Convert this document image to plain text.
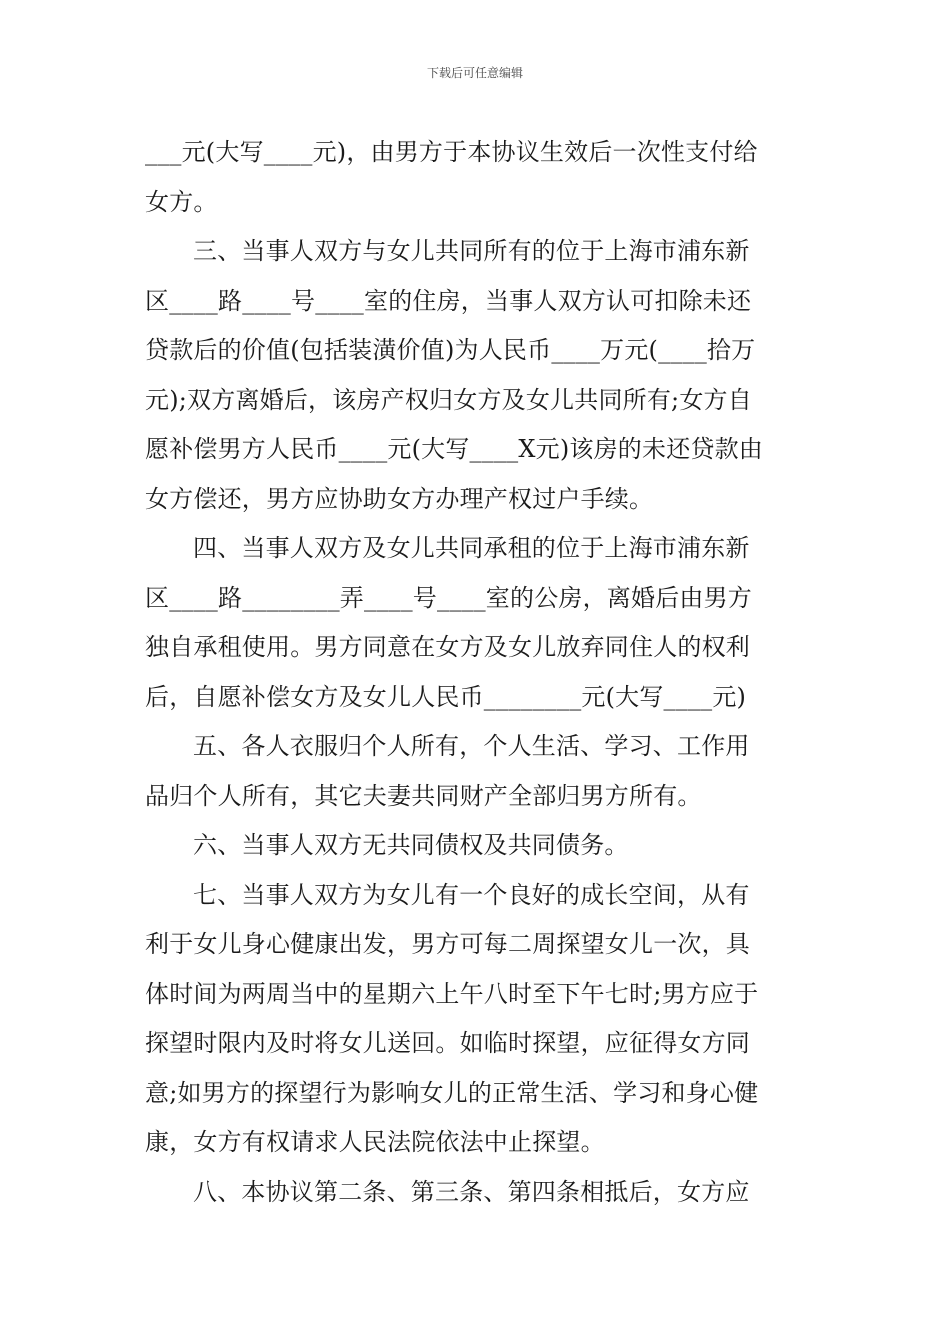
下载后可任意编辑
___元(大写____元)，由男方于本协议生效后一次性支付给
女方。
三、当事人双方与女儿共同所有的位于上海市浦东新
区____路____号____室的住房，当事人双方认可扣除未还
贷款后的价值(包括装潢价值)为人民币____万元(____拾万
元);双方离婚后，该房产权归女方及女儿共同所有;女方自
愿补偿男方人民币____元(大写____X元)该房的未还贷款由
女方偿还，男方应协助女方办理产权过户手续。
四、当事人双方及女儿共同承租的位于上海市浦东新
区____路________弄____号____室的公房，离婚后由男方
独自承租使用。男方同意在女方及女儿放弃同住人的权利
后，自愿补偿女方及女儿人民币________元(大写____元)
五、各人衣服归个人所有，个人生活、学习、工作用
品归个人所有，其它夫妻共同财产全部归男方所有。
六、当事人双方无共同债权及共同债务。
七、当事人双方为女儿有一个良好的成长空间，从有
利于女儿身心健康出发，男方可每二周探望女儿一次，具
体时间为两周当中的星期六上午八时至下午七时;男方应于
探望时限内及时将女儿送回。如临时探望，应征得女方同
意;如男方的探望行为影响女儿的正常生活、学习和身心健
康，女方有权请求人民法院依法中止探望。
八、本协议第二条、第三条、第四条相抵后，女方应
